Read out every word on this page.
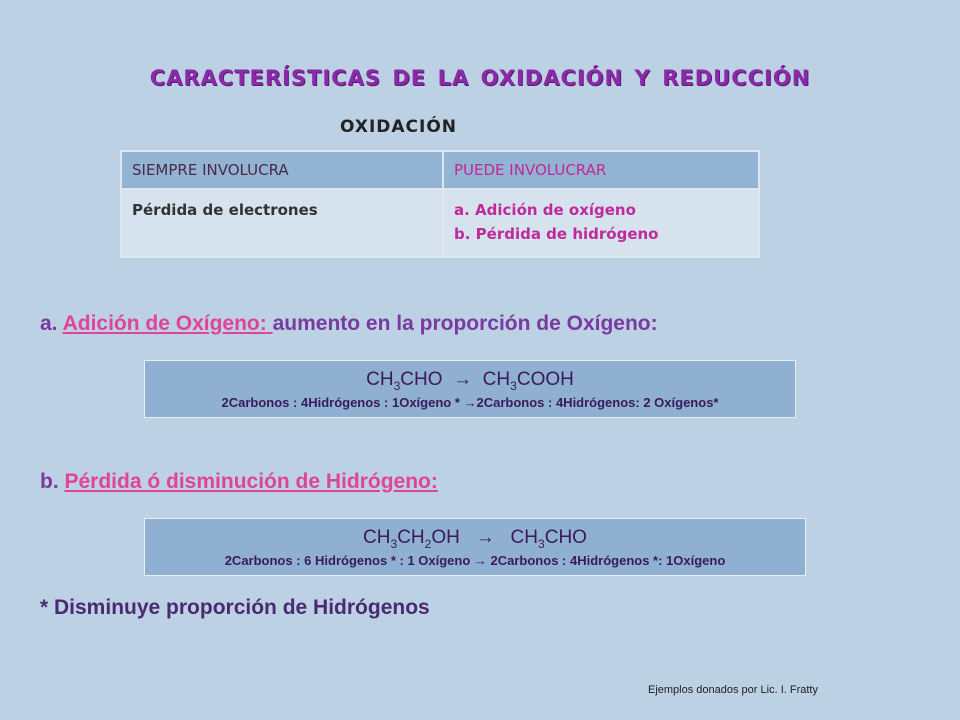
características de la oxidación y reducción
oxidación
SIEMPRE INVOLUCRA	PUEDE INVOLUCRAR
Pérdida de electrones	a. Adición de oxígeno
b. Pérdida de hidrógeno
a. Adición de Oxígeno: aumento en la proporción de Oxígeno:
$CH_3CHO$ → $CH_3COOH$
2Carbonos : 4Hidrógenos : 1Oxígeno * →2Carbonos : 4Hidrógenos: 2 Oxígenos*
b. Pérdida ó disminución de Hidrógeno:
$CH_3CH_2OH \to CH_3CHO$
2Carbonos : 6 Hidrógenos * : 1 Oxígeno → 2Carbonos : 4Hidrógenos *: 1Oxígeno
* Disminuye proporción de Hidrógenos
Ejemplos donados por Lic. I. Fratty
